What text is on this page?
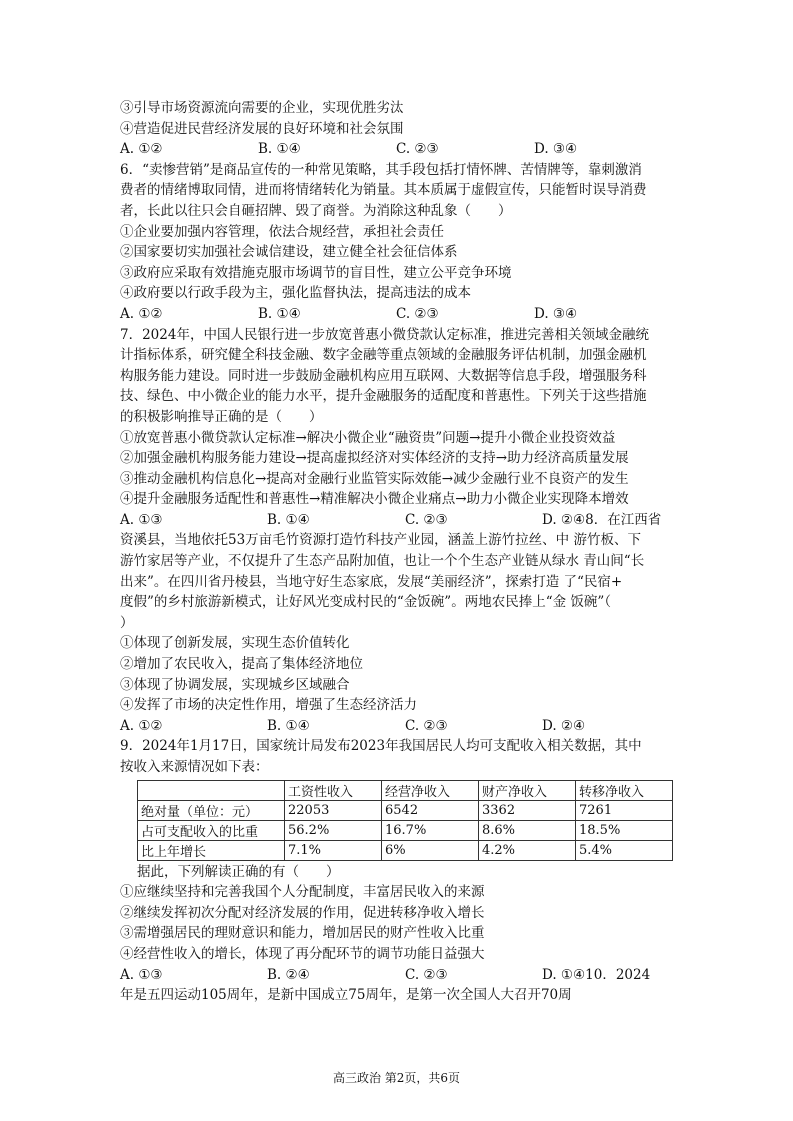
③引导市场资源流向需要的企业，实现优胜劣汰
④营造促进民营经济发展的良好环境和社会氛围
A. ①②	B. ①④	C. ②③	D. ③④
6．“卖惨营销”是商品宣传的一种常见策略，其手段包括打情怀牌、苦情牌等，靠刺激消
费者的情绪博取同情，进而将情绪转化为销量。其本质属于虚假宣传，只能暂时误导消费
者，长此以往只会自砸招牌、毁了商誉。为消除这种乱象（　　）
①企业要加强内容管理，依法合规经营，承担社会责任
②国家要切实加强社会诚信建设，建立健全社会征信体系
③政府应采取有效措施克服市场调节的盲目性，建立公平竞争环境
④政府要以行政手段为主，强化监督执法，提高违法的成本
A. ①②	B. ①④	C. ②③	D. ③④
7．2024年，中国人民银行进一步放宽普惠小微贷款认定标准，推进完善相关领域金融统
计指标体系，研究健全科技金融、数字金融等重点领域的金融服务评估机制，加强金融机
构服务能力建设。同时进一步鼓励金融机构应用互联网、大数据等信息手段，增强服务科
技、绿色、中小微企业的能力水平，提升金融服务的适配度和普惠性。下列关于这些措施
的积极影响推导正确的是（　　）
①放宽普惠小微贷款认定标准→解决小微企业“融资贵”问题→提升小微企业投资效益
②加强金融机构服务能力建设→提高虚拟经济对实体经济的支持→助力经济高质量发展
③推动金融机构信息化→提高对金融行业监管实际效能→减少金融行业不良资产的发生
④提升金融服务适配性和普惠性→精准解决小微企业痛点→助力小微企业实现降本增效
A. ①③	B. ①④	C. ②③	D. ②④ 8．在江西省
资溪县，当地依托53万亩毛竹资源打造竹科技产业园，涵盖上游竹拉丝、中 游竹板、下
游竹家居等产业，不仅提升了生态产品附加值，也让一个个生态产业链从绿水 青山间“长
出来”。在四川省丹棱县，当地守好生态家底，发展“美丽经济”，探索打造 了“民宿+
度假”的乡村旅游新模式，让好风光变成村民的“金饭碗”。两地农民捧上“金 饭碗”（
）
①体现了创新发展，实现生态价值转化
②增加了农民收入，提高了集体经济地位
③体现了协调发展，实现城乡区域融合
④发挥了市场的决定性作用，增强了生态经济活力
A. ①②	B. ①④	C. ②③	D. ②④
9．2024年1月17日，国家统计局发布2023年我国居民人均可支配收入相关数据，其中
按收入来源情况如下表：
	工资性收入	经营净收入	财产净收入	转移净收入
绝对量（单位：元）	22053	6542	3362	7261
占可支配收入的比重	56.2%	16.7%	8.6%	18.5%
比上年增长	7.1%	6%	4.2%	5.4%
据此，下列解读正确的有（　　）
①应继续坚持和完善我国个人分配制度，丰富居民收入的来源
②继续发挥初次分配对经济发展的作用，促进转移净收入增长
③需增强居民的理财意识和能力，增加居民的财产性收入比重
④经营性收入的增长，体现了再分配环节的调节功能日益强大
A. ①③	B. ②④	C. ②③	D. ①④ 10．2024
年是五四运动105周年，是新中国成立75周年，是第一次全国人大召开70周
高三政治 第2页，共6页
